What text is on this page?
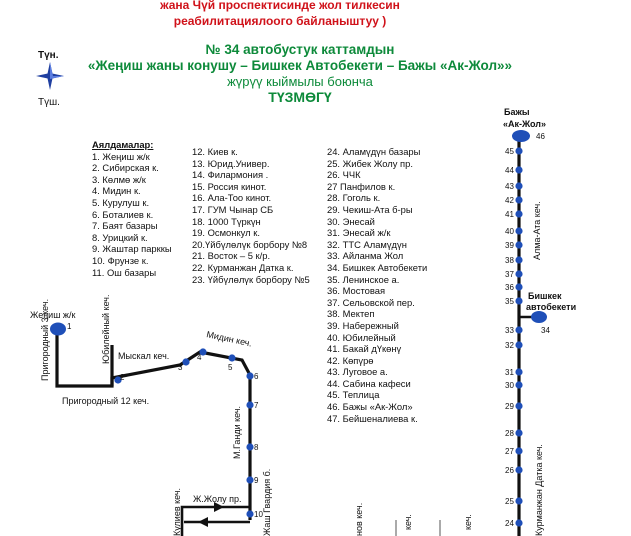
жана Чүй проспектисинде жол тилкесин
реабилитациялоого байланыштуу )
№ 34 автобустук каттамдын
«Жеңиш жаны конушу – Бишкек Автобекети – Бажы «Ак-Жол»»
жүрүү кыймылы боюнча
ТҮЗМӨГҮ
Түн.
Түш.
Аялдамалар:
1. Жеңиш ж/к
2. Сибирская к.
3. Көлмө ж/к
4. Мидин к.
5. Курулуш к.
6. Боталиев к.
7. Баят базары
8. Урицкий к.
9. Жаштар парккы
10. Фрунзе к.
11. Ош базары
12. Киев к.
13. Юрид.Универ.
14. Филармония .
15. Россия кинот.
16. Ала-Тоо кинот.
17. ГУМ Чынар СБ
18. 1000 Түркүн
19. Осмонкул к.
20.Үйбүлөлүк борбору №8
21. Восток – 5 к/р.
22. Курманжан Датка к.
23. Үйбүлөлүк борбору №5
24. Аламүдүн базары
25. Жибек Жолу пр.
26. ЧЧК
27 Панфилов к.
28. Гоголь к.
29. Чекиш-Ата б-ры
30. Энесай
31. Энесай ж/к
32. ТТС Аламүдүн
33. Айланма Жол
34. Бишкек Автобекети
35. Ленинское а.
36. Мостовая
37. Сельовской пер.
38. Мектеп
39. Набережный
40. Юбилейный
41. Бакай дҮкөнү
42. Көпүрө
43. Луговое а.
44. Сабина кафеси
45. Теплица
46. Бажы «Ак-Жол»
47. Бейшеналиева к.
1
2
3
4
5
6
7
8
9
10
46
45
44
43
42
41
40
39
38
37
36
35
34
33
32
31
30
29
28
27
26
25
24
Жеңиш ж/к
Бажы
«Ак-Жол»
Бишкек
автобекети
Пригородный 3 кеч.
Пригородный 12 кеч.
Юбилейный кеч. Мыскал кеч.
Мидин кеч.
М.Ганди кеч.
Жаш Гвардия б.
Ж.Жолу пр.
Кулиев кеч.
Алма-Ата кеч.
Курманжан Датка кеч.
нов кеч.	кеч.	кеч.
